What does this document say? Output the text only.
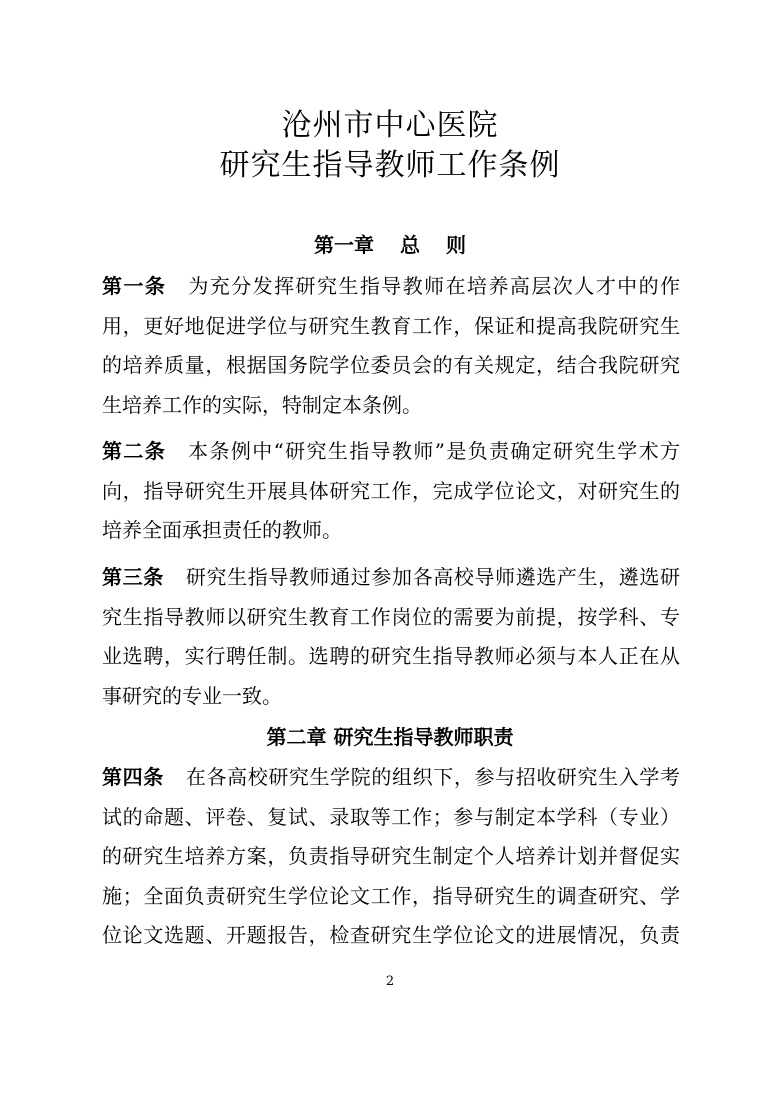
沧州市中心医院
研究生指导教师工作条例
第一章 总 则
第一条 为充分发挥研究生指导教师在培养高层次人才中的作
用，更好地促进学位与研究生教育工作，保证和提高我院研究生
的培养质量，根据国务院学位委员会的有关规定，结合我院研究
生培养工作的实际，特制定本条例。
第二条 本条例中“研究生指导教师”是负责确定研究生学术方
向，指导研究生开展具体研究工作，完成学位论文，对研究生的
培养全面承担责任的教师。
第三条 研究生指导教师通过参加各高校导师遴选产生，遴选研
究生指导教师以研究生教育工作岗位的需要为前提，按学科、专
业选聘，实行聘任制。选聘的研究生指导教师必须与本人正在从
事研究的专业一致。
第二章 研究生指导教师职责
第四条 在各高校研究生学院的组织下，参与招收研究生入学考
试的命题、评卷、复试、录取等工作；参与制定本学科（专业）
的研究生培养方案，负责指导研究生制定个人培养计划并督促实
施；全面负责研究生学位论文工作，指导研究生的调查研究、学
位论文选题、开题报告，检查研究生学位论文的进展情况，负责
2
